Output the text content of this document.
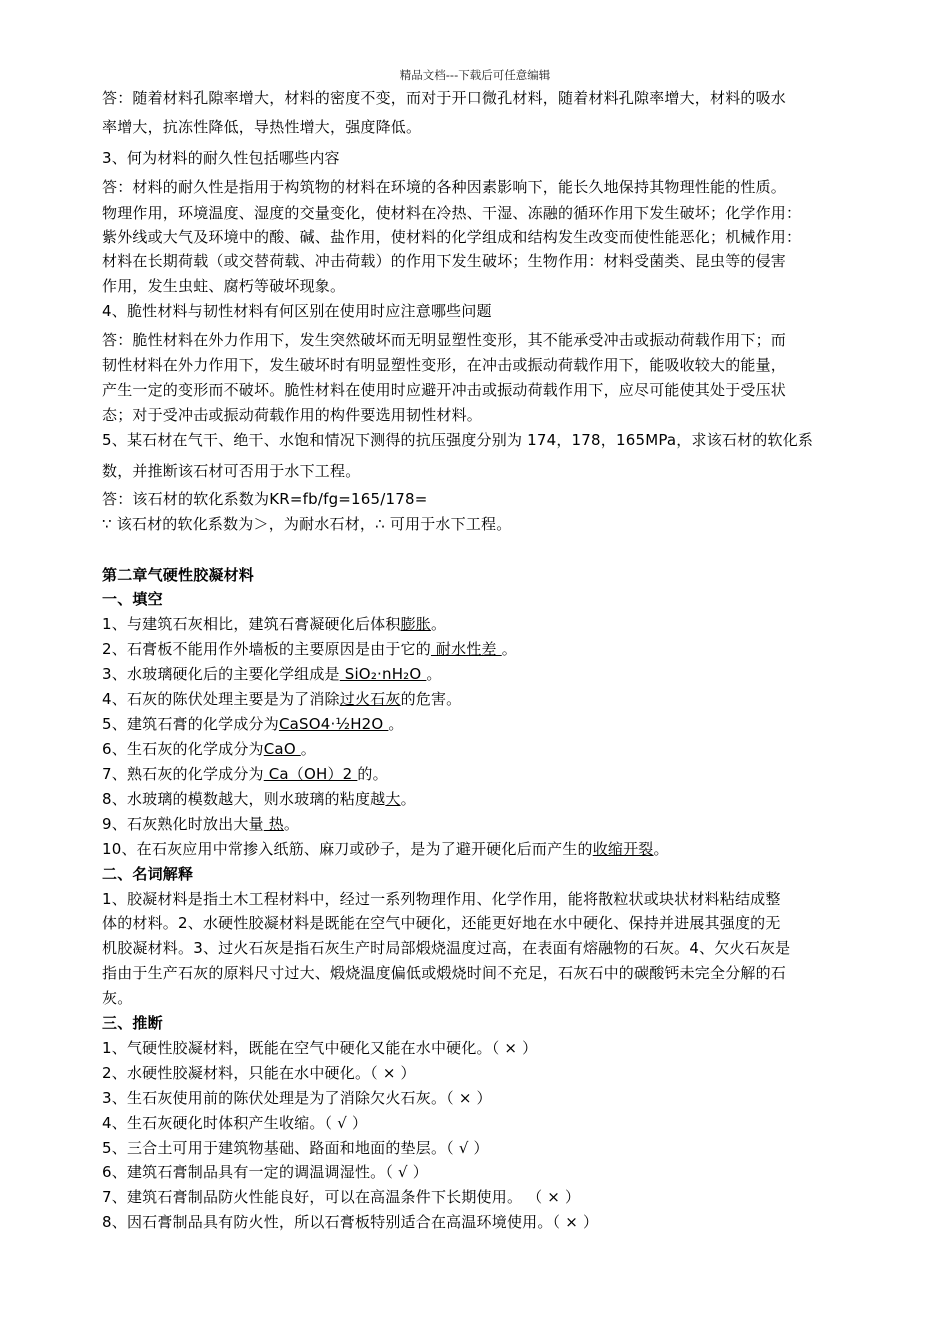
精品文档---下载后可任意编辑
答：随着材料孔隙率增大，材料的密度不变，而对于开口微孔材料，随着材料孔隙率增大，材料的吸水
率增大，抗冻性降低，导热性增大，强度降低。
3、何为材料的耐久性包括哪些内容
答：材料的耐久性是指用于构筑物的材料在环境的各种因素影响下，能长久地保持其物理性能的性质。
物理作用，环境温度、湿度的交量变化，使材料在冷热、干湿、冻融的循环作用下发生破坏；化学作用：
紫外线或大气及环境中的酸、碱、盐作用，使材料的化学组成和结构发生改变而使性能恶化；机械作用：
材料在长期荷载（或交替荷载、冲击荷载）的作用下发生破坏；生物作用：材料受菌类、昆虫等的侵害
作用，发生虫蛀、腐朽等破坏现象。
4、脆性材料与韧性材料有何区别在使用时应注意哪些问题
答：脆性材料在外力作用下，发生突然破坏而无明显塑性变形，其不能承受冲击或振动荷载作用下；而
韧性材料在外力作用下，发生破坏时有明显塑性变形，在冲击或振动荷载作用下，能吸收较大的能量，
产生一定的变形而不破坏。脆性材料在使用时应避开冲击或振动荷载作用下，应尽可能使其处于受压状
态；对于受冲击或振动荷载作用的构件要选用韧性材料。
5、某石材在气干、绝干、水饱和情况下测得的抗压强度分别为 174，178，165MPa，求该石材的软化系
数，并推断该石材可否用于水下工程。
答：该石材的软化系数为KR=fb/fg=165/178=
∵ 该石材的软化系数为＞，为耐水石材，∴ 可用于水下工程。
第二章气硬性胶凝材料
一、填空
1、与建筑石灰相比，建筑石膏凝硬化后体积膨胀。
2、石膏板不能用作外墙板的主要原因是由于它的 耐水性差 。
3、水玻璃硬化后的主要化学组成是 SiO₂·nH₂O 。
4、石灰的陈伏处理主要是为了消除过火石灰的危害。
5、建筑石膏的化学成分为CaSO4·½H2O 。
6、生石灰的化学成分为CaO 。
7、熟石灰的化学成分为 Ca（OH）2 的。
8、水玻璃的模数越大，则水玻璃的粘度越大。
9、石灰熟化时放出大量 热。
10、在石灰应用中常掺入纸筋、麻刀或砂子，是为了避开硬化后而产生的收缩开裂。
二、名词解释
1、胶凝材料是指土木工程材料中，经过一系列物理作用、化学作用，能将散粒状或块状材料粘结成整
体的材料。2、水硬性胶凝材料是既能在空气中硬化，还能更好地在水中硬化、保持并进展其强度的无
机胶凝材料。3、过火石灰是指石灰生产时局部煅烧温度过高，在表面有熔融物的石灰。4、欠火石灰是
指由于生产石灰的原料尺寸过大、煅烧温度偏低或煅烧时间不充足，石灰石中的碳酸钙未完全分解的石
灰。
三、推断
1、气硬性胶凝材料，既能在空气中硬化又能在水中硬化。（ × ）
2、水硬性胶凝材料，只能在水中硬化。（ × ）
3、生石灰使用前的陈伏处理是为了消除欠火石灰。（ × ）
4、生石灰硬化时体积产生收缩。（ √ ）
5、三合土可用于建筑物基础、路面和地面的垫层。（ √ ）
6、建筑石膏制品具有一定的调温调湿性。（ √ ）
7、建筑石膏制品防火性能良好，可以在高温条件下长期使用。 （ × ）
8、因石膏制品具有防火性，所以石膏板特别适合在高温环境使用。（ × ）
